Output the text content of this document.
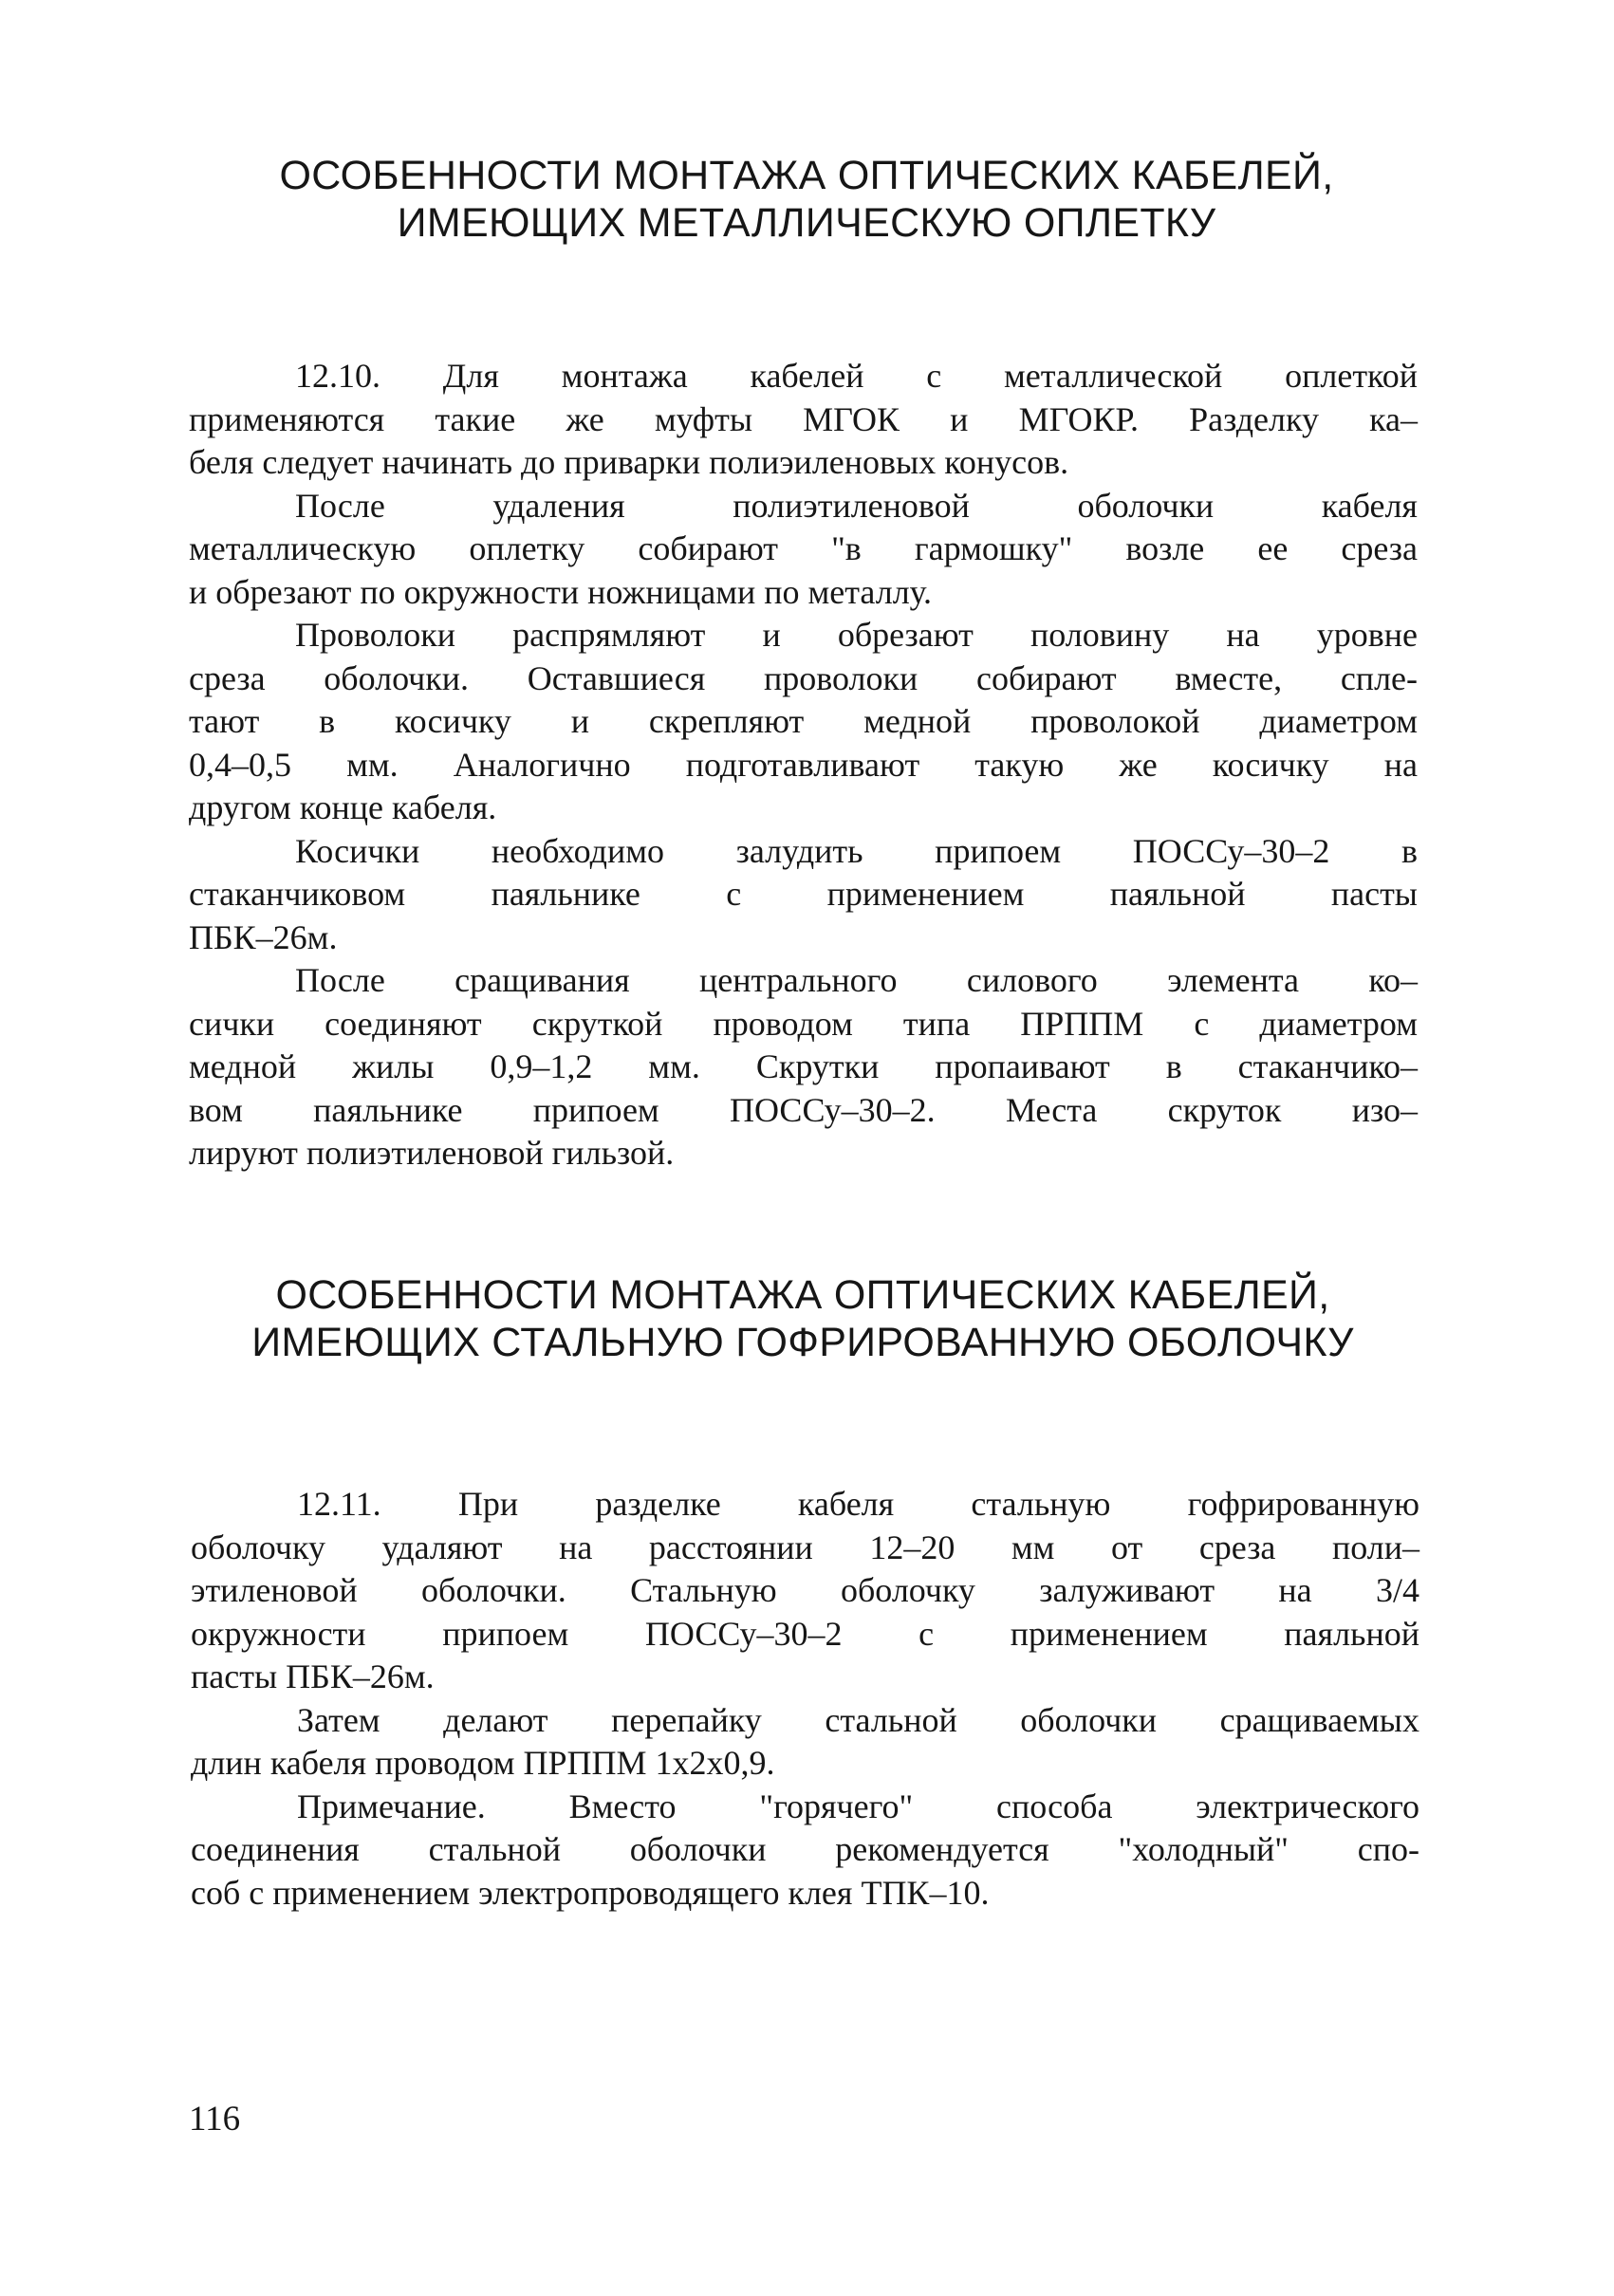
ОСОБЕННОСТИ МОНТАЖА ОПТИЧЕСКИХ КАБЕЛЕЙ,
ИМЕЮЩИХ МЕТАЛЛИЧЕСКУЮ ОПЛЕТКУ

12.10. Для монтажа кабелей с металлической оплеткой
применяются такие же муфты МГОК и МГОКР. Разделку ка–
беля следует начинать до приварки полиэиленовых конусов.

После удаления полиэтиленовой оболочки кабеля
металлическую оплетку собирают "в гармошку" возле ее среза
и обрезают по окружности ножницами по металлу.

Проволоки распрямляют и обрезают половину на уровне
среза оболочки. Оставшиеся проволоки собирают вместе, спле-
тают в косичку и скрепляют медной проволокой диаметром
0,4–0,5 мм. Аналогично подготавливают такую же косичку на
другом конце кабеля.

Косички необходимо залудить припоем ПОССу–30–2 в
стаканчиковом паяльнике с применением паяльной пасты
ПБК–26м.

После сращивания центрального силового элемента ко–
сички соединяют скруткой проводом типа ПРППМ с диаметром
медной жилы 0,9–1,2 мм. Скрутки пропаивают в стаканчико–
вом паяльнике припоем ПОССу–30–2. Места скруток изо–
лируют полиэтиленовой гильзой.

ОСОБЕННОСТИ МОНТАЖА ОПТИЧЕСКИХ КАБЕЛЕЙ,
ИМЕЮЩИХ СТАЛЬНУЮ ГОФРИРОВАННУЮ ОБОЛОЧКУ

12.11. При разделке кабеля стальную гофрированную
оболочку удаляют на расстоянии 12–20 мм от среза поли–
этиленовой оболочки. Стальную оболочку залуживают на 3/4
окружности припоем ПОССу–30–2 с применением паяльной
пасты ПБК–26м.

Затем делают перепайку стальной оболочки сращиваемых
длин кабеля проводом ПРППМ 1х2х0,9.

Примечание. Вместо "горячего" способа электрического
соединения стальной оболочки рекомендуется "холодный" спо-
соб с применением электропроводящего клея ТПК–10.

116
